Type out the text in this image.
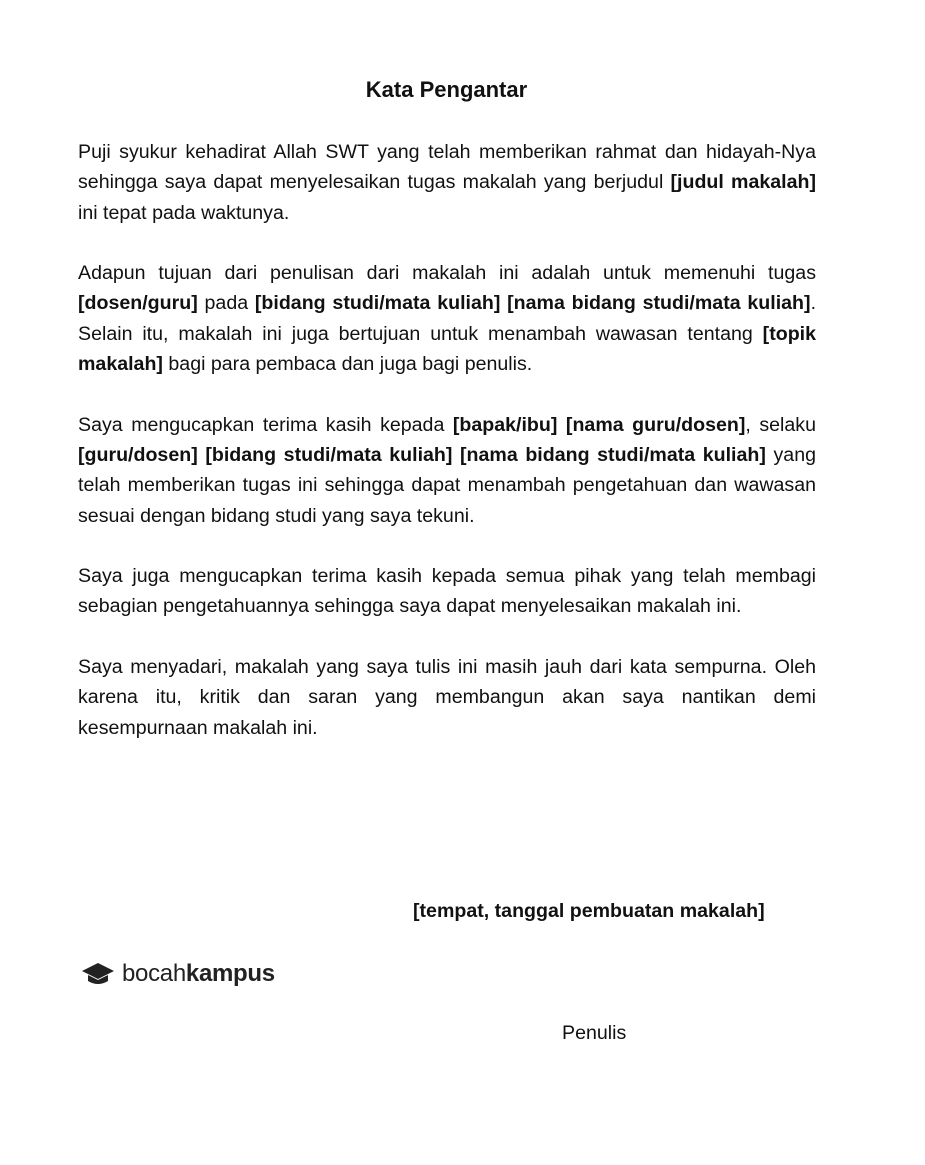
Kata Pengantar

Puji syukur kehadirat Allah SWT yang telah memberikan rahmat dan hidayah-Nya sehingga saya dapat menyelesaikan tugas makalah yang berjudul [judul makalah] ini tepat pada waktunya.

Adapun tujuan dari penulisan dari makalah ini adalah untuk memenuhi tugas [dosen/guru] pada [bidang studi/mata kuliah] [nama bidang studi/mata kuliah]. Selain itu, makalah ini juga bertujuan untuk menambah wawasan tentang [topik makalah] bagi para pembaca dan juga bagi penulis.

Saya mengucapkan terima kasih kepada [bapak/ibu] [nama guru/dosen], selaku [guru/dosen] [bidang studi/mata kuliah] [nama bidang studi/mata kuliah] yang telah memberikan tugas ini sehingga dapat menambah pengetahuan dan wawasan sesuai dengan bidang studi yang saya tekuni.

Saya juga mengucapkan terima kasih kepada semua pihak yang telah membagi sebagian pengetahuannya sehingga saya dapat menyelesaikan makalah ini.

Saya menyadari, makalah yang saya tulis ini masih jauh dari kata sempurna. Oleh karena itu, kritik dan saran yang membangun akan saya nantikan demi kesempurnaan makalah ini.

[tempat, tanggal pembuatan makalah]
bocahkampus
Penulis
